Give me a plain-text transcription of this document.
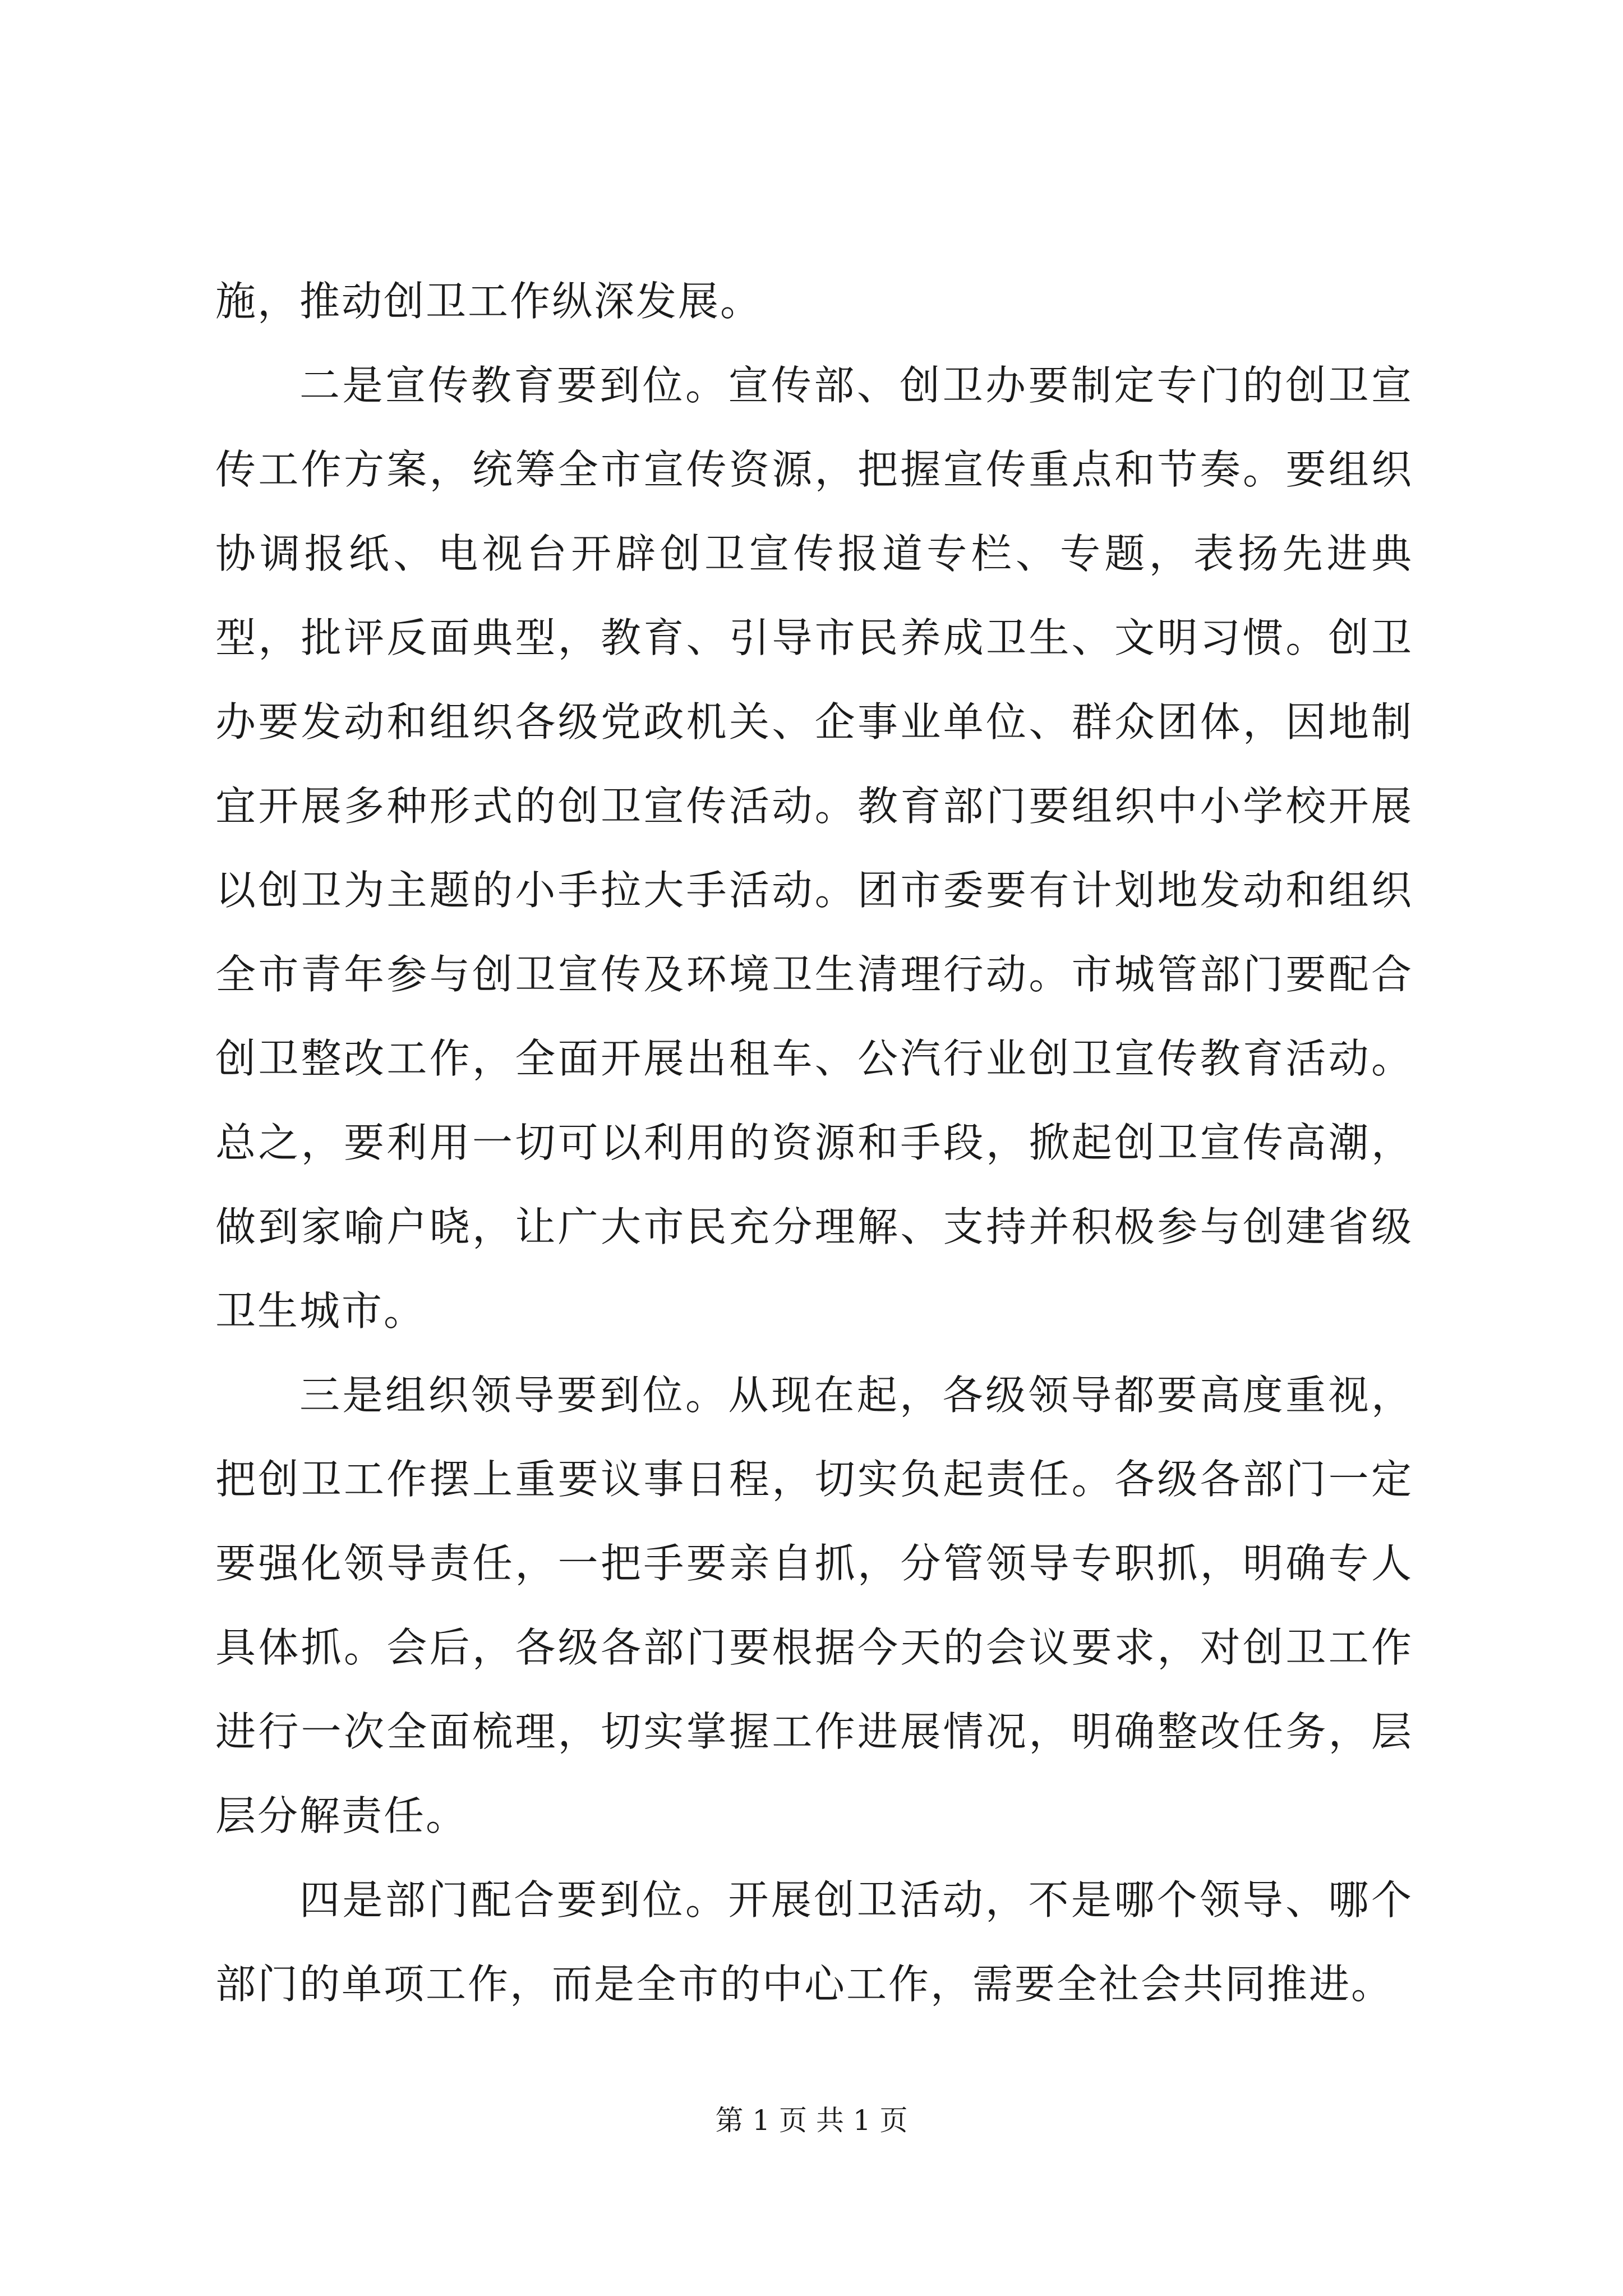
施，推动创卫工作纵深发展。

二是宣传教育要到位。宣传部、创卫办要制定专门的创卫宣传工作方案，统筹全市宣传资源，把握宣传重点和节奏。要组织协调报纸、电视台开辟创卫宣传报道专栏、专题，表扬先进典型，批评反面典型，教育、引导市民养成卫生、文明习惯。创卫办要发动和组织各级党政机关、企事业单位、群众团体，因地制宜开展多种形式的创卫宣传活动。教育部门要组织中小学校开展以创卫为主题的小手拉大手活动。团市委要有计划地发动和组织全市青年参与创卫宣传及环境卫生清理行动。市城管部门要配合创卫整改工作，全面开展出租车、公汽行业创卫宣传教育活动。总之，要利用一切可以利用的资源和手段，掀起创卫宣传高潮，做到家喻户晓，让广大市民充分理解、支持并积极参与创建省级卫生城市。

三是组织领导要到位。从现在起，各级领导都要高度重视，把创卫工作摆上重要议事日程，切实负起责任。各级各部门一定要强化领导责任，一把手要亲自抓，分管领导专职抓，明确专人具体抓。会后，各级各部门要根据今天的会议要求，对创卫工作进行一次全面梳理，切实掌握工作进展情况，明确整改任务，层层分解责任。

四是部门配合要到位。开展创卫活动，不是哪个领导、哪个部门的单项工作，而是全市的中心工作，需要全社会共同推进。

第 1 页 共 1 页
